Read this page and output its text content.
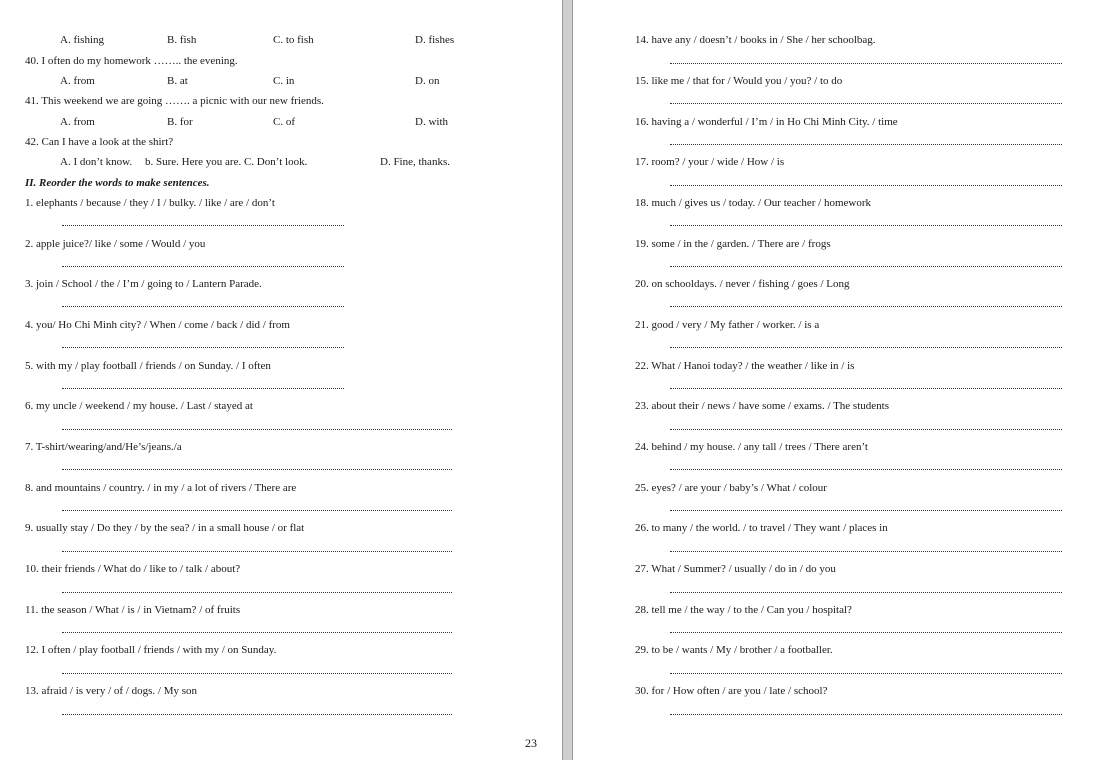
A. fishing	B. fish	C. to fish	D. fishes
40. I often do my homework …….. the evening.
A. from	B. at	C. in	D. on
41. This weekend we are going ……. a picnic with our new friends.
A. from	B. for	C. of	D. with
42. Can I have a look at the shirt?
A. I don’t know. b. Sure. Here you are. C. Don’t look.	D. Fine, thanks.
II. Reorder the words to make sentences.
1. elephants / because / they / I / bulky. / like / are / don’t
2. apple juice?/ like / some / Would / you
3. join / School / the / I’m / going to / Lantern Parade.
4. you/ Ho Chi Minh city? / When / come / back / did / from
5. with my / play football / friends / on Sunday. / I often
6. my uncle / weekend / my house. / Last / stayed at
7. T-shirt/wearing/and/He’s/jeans./a
8. and mountains / country. / in my / a lot of rivers / There are
9. usually stay / Do they / by the sea? / in a small house / or flat
10. their friends / What do / like to / talk / about?
11. the season / What / is / in Vietnam? / of fruits
12. I often / play football / friends / with my / on Sunday.
13. afraid / is very / of / dogs. / My son
23
14. have any / doesn’t / books in / She / her schoolbag.
15. like me / that for / Would you / you? / to do
16. having a / wonderful / I’m / in Ho Chi Minh City. / time
17. room? / your / wide / How / is
18. much / gives us / today. / Our teacher / homework
19. some / in the / garden. / There are / frogs
20. on schooldays. / never / fishing / goes / Long
21. good / very / My father / worker. / is a
22. What / Hanoi today? / the weather / like in / is
23. about their / news / have some / exams. / The students
24. behind / my house. / any tall / trees / There aren’t
25. eyes? / are your / baby’s / What / colour
26. to many / the world. / to travel / They want / places in
27. What / Summer? / usually / do in / do you
28. tell me / the way / to the / Can you / hospital?
29. to be / wants / My / brother / a footballer.
30. for / How often / are you / late / school?
